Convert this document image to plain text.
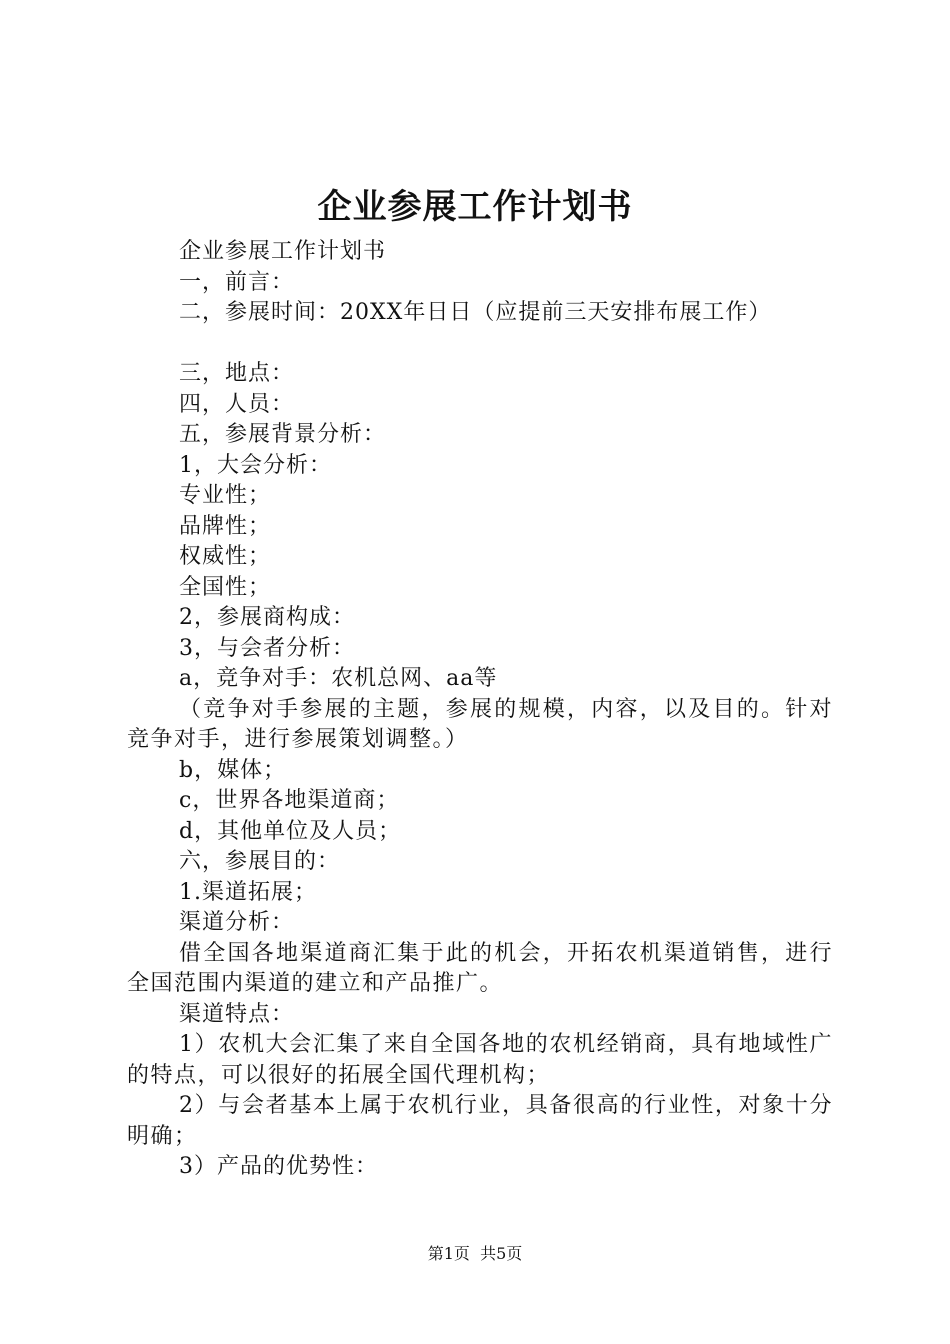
企业参展工作计划书
企业参展工作计划书
一，前言：
二，参展时间：20XX年日日（应提前三天安排布展工作）
三，地点：
四，人员：
五，参展背景分析：
1，大会分析：
专业性；
品牌性；
权威性；
全国性；
2，参展商构成：
3，与会者分析：
a，竞争对手：农机总网、aa等
（竞争对手参展的主题，参展的规模，内容，以及目的。针对竞争对手，进行参展策划调整。）
b，媒体；
c，世界各地渠道商；
d，其他单位及人员；
六，参展目的：
1.渠道拓展；
渠道分析：
借全国各地渠道商汇集于此的机会，开拓农机渠道销售，进行全国范围内渠道的建立和产品推广。
渠道特点：
1）农机大会汇集了来自全国各地的农机经销商，具有地域性广的特点，可以很好的拓展全国代理机构；
2）与会者基本上属于农机行业，具备很高的行业性，对象十分明确；
3）产品的优势性：
第1页  共5页
